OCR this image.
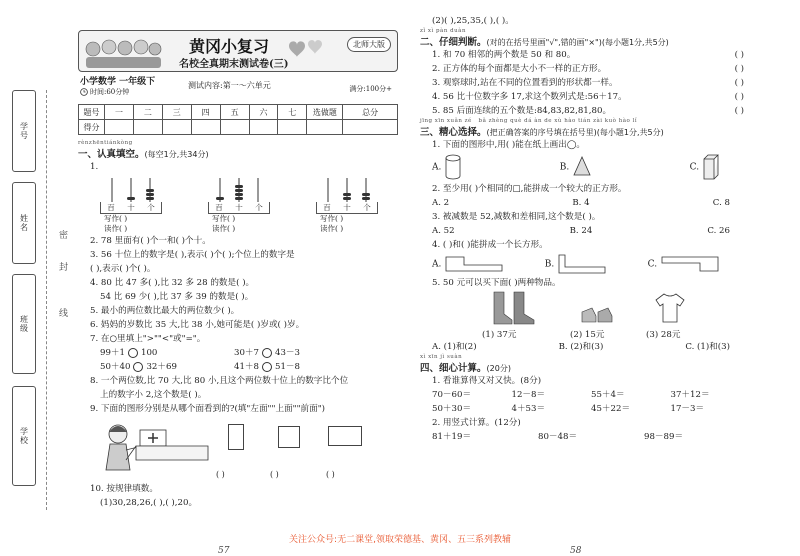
学号
姓名
班级
学校
密
封
线
黄冈小复习
名校全真期末测试卷(三)
北师大版
小学数学 一年级下
时间:60分钟
测试内容:第一～六单元	满分:100分+
题号	一	二	三	四	五	六	七	选做题	总分
得分									
rènzhēntiánkòng
一、认真填空。(每空1分,共34分)
1.
百 十 个
写作( )
读作( )
百 十 个
写作( )
读作( )
百 十 个
写作( )
读作( )
2. 78 里面有( )个一和( )个十。
3. 56 十位上的数字是( ),表示( )个( );个位上的数字是
( ),表示( )个( )。
4. 80 比 47 多( ),比 32 多 28 的数是( )。
54 比 69 少( ),比 37 多 39 的数是( )。
5. 最小的两位数比最大的两位数少( )。
6. 妈妈的岁数比 35 大,比 38 小,她可能是( )岁或( )岁。
7. 在○里填上">""<"或"="。
99＋1 100	30＋7 43－3
50＋40 32＋69	41＋8 51－8
8. 一个两位数,比 70 大,比 80 小,且这个两位数十位上的数字比个位
上的数字小 2,这个数是( )。
9. 下面的图形分别是从哪个面看到的?(填"左面""上面""前面")
( )	( )	( )
10. 按规律填数。
(1)30,28,26,( ),( ),20。
57
(2)( ),25,35,( ),( )。
zǐ xì pàn duàn
二、仔细判断。(对的在括号里画"√",错的画"×")(每小题1分,共5分)
1. 和 70 相邻的两个数是 50 和 80。	( )
2. 正方体的每个面都是大小不一样的正方形。	( )
3. 观察球时,站在不同的位置看到的形状都一样。	( )
4. 56 比十位数字多 17,求这个数列式是:56＋17。	( )
5. 85 后面连续的五个数是:84,83,82,81,80。	( )
jīng xīn xuǎn zé bǎ zhèng què dá àn de xù hào tián zài kuò hào lǐ
三、精心选择。(把正确答案的序号填在括号里)(每小题1分,共5分)
1. 下面的图形中,用( )能在纸上画出◯。
A.	B.	C.
2. 至少用( )个相同的□,能拼成一个较大的正方形。
A. 2	B. 4	C. 8
3. 被减数是 52,减数和差相同,这个数是( )。
A. 52	B. 24	C. 26
4. ( )和( )能拼成一个长方形。
A.	B.	C.
5. 50 元可以买下面( )两种物品。
(1) 37元	(2) 15元	(3) 28元
A. (1)和(2)	B. (2)和(3)	C. (1)和(3)
xì xīn jì suàn
四、细心计算。(20分)
1. 看谁算得又对又快。(8分)
70－60＝	12－8＝	55＋4＝	37＋12＝
50＋30＝	4＋53＝	45＋22＝	17－3＝
2. 用竖式计算。(12分)
81＋19＝	80－48＝	98－89＝
58
关注公众号:无二课堂,领取荣德基、黄冈、五三系列教辅
